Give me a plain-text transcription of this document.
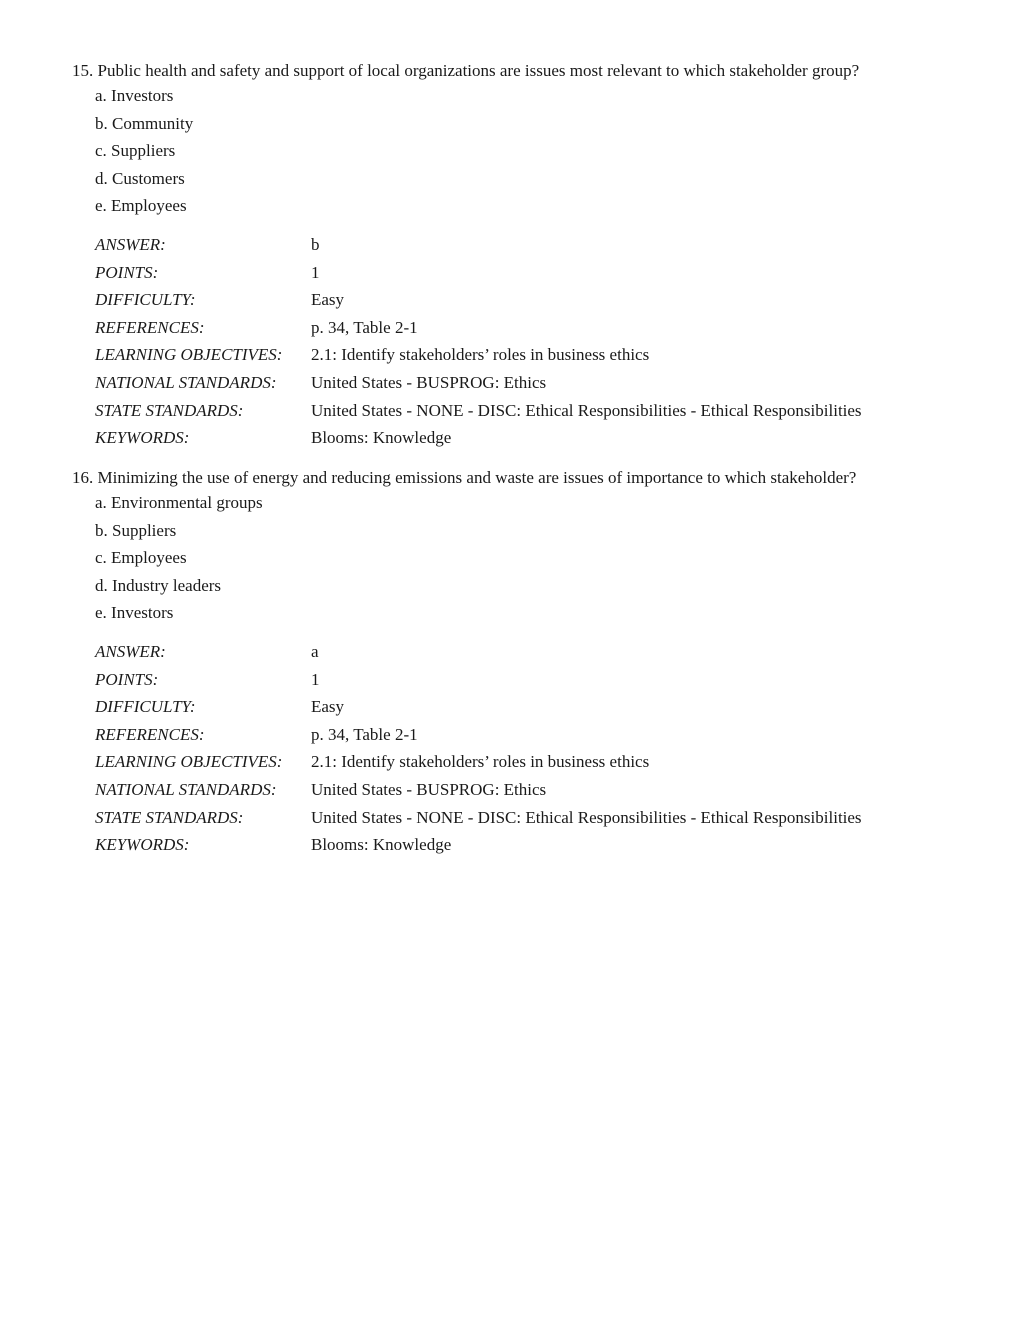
15. Public health and safety and support of local organizations are issues most relevant to which stakeholder group?
a. Investors
b. Community
c. Suppliers
d. Customers
e. Employees
ANSWER:	b
POINTS:	1
DIFFICULTY:	Easy
REFERENCES:	p. 34, Table 2-1
LEARNING OBJECTIVES:	2.1: Identify stakeholders’ roles in business ethics
NATIONAL STANDARDS:	United States - BUSPROG: Ethics
STATE STANDARDS:	United States - NONE - DISC: Ethical Responsibilities - Ethical Responsibilities
KEYWORDS:	Blooms: Knowledge
16. Minimizing the use of energy and reducing emissions and waste are issues of importance to which stakeholder?
a. Environmental groups
b. Suppliers
c. Employees
d. Industry leaders
e. Investors
ANSWER:	a
POINTS:	1
DIFFICULTY:	Easy
REFERENCES:	p. 34, Table 2-1
LEARNING OBJECTIVES:	2.1: Identify stakeholders’ roles in business ethics
NATIONAL STANDARDS:	United States - BUSPROG: Ethics
STATE STANDARDS:	United States - NONE - DISC: Ethical Responsibilities - Ethical Responsibilities
KEYWORDS:	Blooms: Knowledge
